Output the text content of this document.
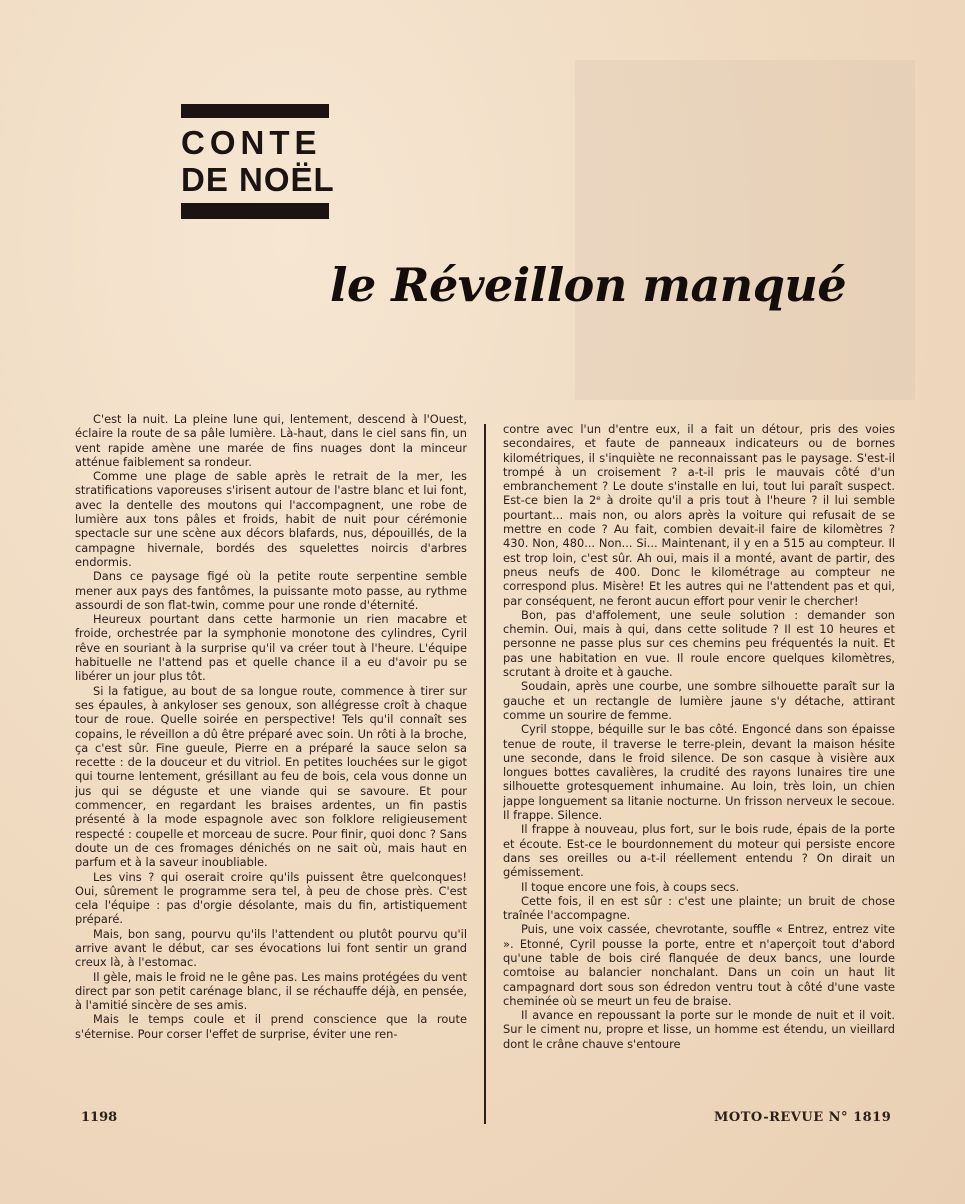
CONTE
DE NOËL
le Réveillon manqué

C'est la nuit. La pleine lune qui, lentement, descend à l'Ouest, éclaire la route de sa pâle lumière. Là-haut, dans le ciel sans fin, un vent rapide amène une marée de fins nuages dont la minceur atténue faiblement sa rondeur.

Comme une plage de sable après le retrait de la mer, les stratifications vaporeuses s'irisent autour de l'astre blanc et lui font, avec la dentelle des moutons qui l'accompagnent, une robe de lumière aux tons pâles et froids, habit de nuit pour cérémonie spectacle sur une scène aux décors blafards, nus, dépouillés, de la campagne hivernale, bordés des squelettes noircis d'arbres endormis.

Dans ce paysage figé où la petite route serpentine semble mener aux pays des fantômes, la puissante moto passe, au rythme assourdi de son flat-twin, comme pour une ronde d'éternité.

Heureux pourtant dans cette harmonie un rien macabre et froide, orchestrée par la symphonie monotone des cylindres, Cyril rêve en souriant à la surprise qu'il va créer tout à l'heure. L'équipe habituelle ne l'attend pas et quelle chance il a eu d'avoir pu se libérer un jour plus tôt.

Si la fatigue, au bout de sa longue route, commence à tirer sur ses épaules, à ankyloser ses genoux, son allégresse croît à chaque tour de roue. Quelle soirée en perspective! Tels qu'il connaît ses copains, le réveillon a dû être préparé avec soin. Un rôti à la broche, ça c'est sûr. Fine gueule, Pierre en a préparé la sauce selon sa recette : de la douceur et du vitriol. En petites louchées sur le gigot qui tourne lentement, grésillant au feu de bois, cela vous donne un jus qui se déguste et une viande qui se savoure. Et pour commencer, en regardant les braises ardentes, un fin pastis présenté à la mode espagnole avec son folklore religieusement respecté : coupelle et morceau de sucre. Pour finir, quoi donc ? Sans doute un de ces fromages dénichés on ne sait où, mais haut en parfum et à la saveur inoubliable.

Les vins ? qui oserait croire qu'ils puissent être quelconques! Oui, sûrement le programme sera tel, à peu de chose près. C'est cela l'équipe : pas d'orgie désolante, mais du fin, artistiquement préparé.

Mais, bon sang, pourvu qu'ils l'attendent ou plutôt pourvu qu'il arrive avant le début, car ses évocations lui font sentir un grand creux là, à l'estomac.

Il gèle, mais le froid ne le gêne pas. Les mains protégées du vent direct par son petit carénage blanc, il se réchauffe déjà, en pensée, à l'amitié sincère de ses amis.

Mais le temps coule et il prend conscience que la route s'éternise. Pour corser l'effet de surprise, éviter une ren-

contre avec l'un d'entre eux, il a fait un détour, pris des voies secondaires, et faute de panneaux indicateurs ou de bornes kilométriques, il s'inquiète ne reconnaissant pas le paysage. S'est-il trompé à un croisement ? a-t-il pris le mauvais côté d'un embranchement ? Le doute s'installe en lui, tout lui paraît suspect. Est-ce bien la 2ᵉ à droite qu'il a pris tout à l'heure ? il lui semble pourtant... mais non, ou alors après la voiture qui refusait de se mettre en code ? Au fait, combien devait-il faire de kilomètres ? 430. Non, 480... Non... Si... Maintenant, il y en a 515 au compteur. Il est trop loin, c'est sûr. Ah oui, mais il a monté, avant de partir, des pneus neufs de 400. Donc le kilométrage au compteur ne correspond plus. Misère! Et les autres qui ne l'attendent pas et qui, par conséquent, ne feront aucun effort pour venir le chercher!

Bon, pas d'affolement, une seule solution : demander son chemin. Oui, mais à qui, dans cette solitude ? Il est 10 heures et personne ne passe plus sur ces chemins peu fréquentés la nuit. Et pas une habitation en vue. Il roule encore quelques kilomètres, scrutant à droite et à gauche.

Soudain, après une courbe, une sombre silhouette paraît sur la gauche et un rectangle de lumière jaune s'y détache, attirant comme un sourire de femme.

Cyril stoppe, béquille sur le bas côté. Engoncé dans son épaisse tenue de route, il traverse le terre-plein, devant la maison hésite une seconde, dans le froid silence. De son casque à visière aux longues bottes cavalières, la crudité des rayons lunaires tire une silhouette grotesquement inhumaine. Au loin, très loin, un chien jappe longuement sa litanie nocturne. Un frisson nerveux le secoue. Il frappe. Silence.

Il frappe à nouveau, plus fort, sur le bois rude, épais de la porte et écoute. Est-ce le bourdonnement du moteur qui persiste encore dans ses oreilles ou a-t-il réellement entendu ? On dirait un gémissement.

Il toque encore une fois, à coups secs.

Cette fois, il en est sûr : c'est une plainte; un bruit de chose traînée l'accompagne.

Puis, une voix cassée, chevrotante, souffle « Entrez, entrez vite ». Etonné, Cyril pousse la porte, entre et n'aperçoit tout d'abord qu'une table de bois ciré flanquée de deux bancs, une lourde comtoise au balancier nonchalant. Dans un coin un haut lit campagnard dort sous son édredon ventru tout à côté d'une vaste cheminée où se meurt un feu de braise.

Il avance en repoussant la porte sur le monde de nuit et il voit. Sur le ciment nu, propre et lisse, un homme est étendu, un vieillard dont le crâne chauve s'entoure

1198	MOTO-REVUE N° 1819
